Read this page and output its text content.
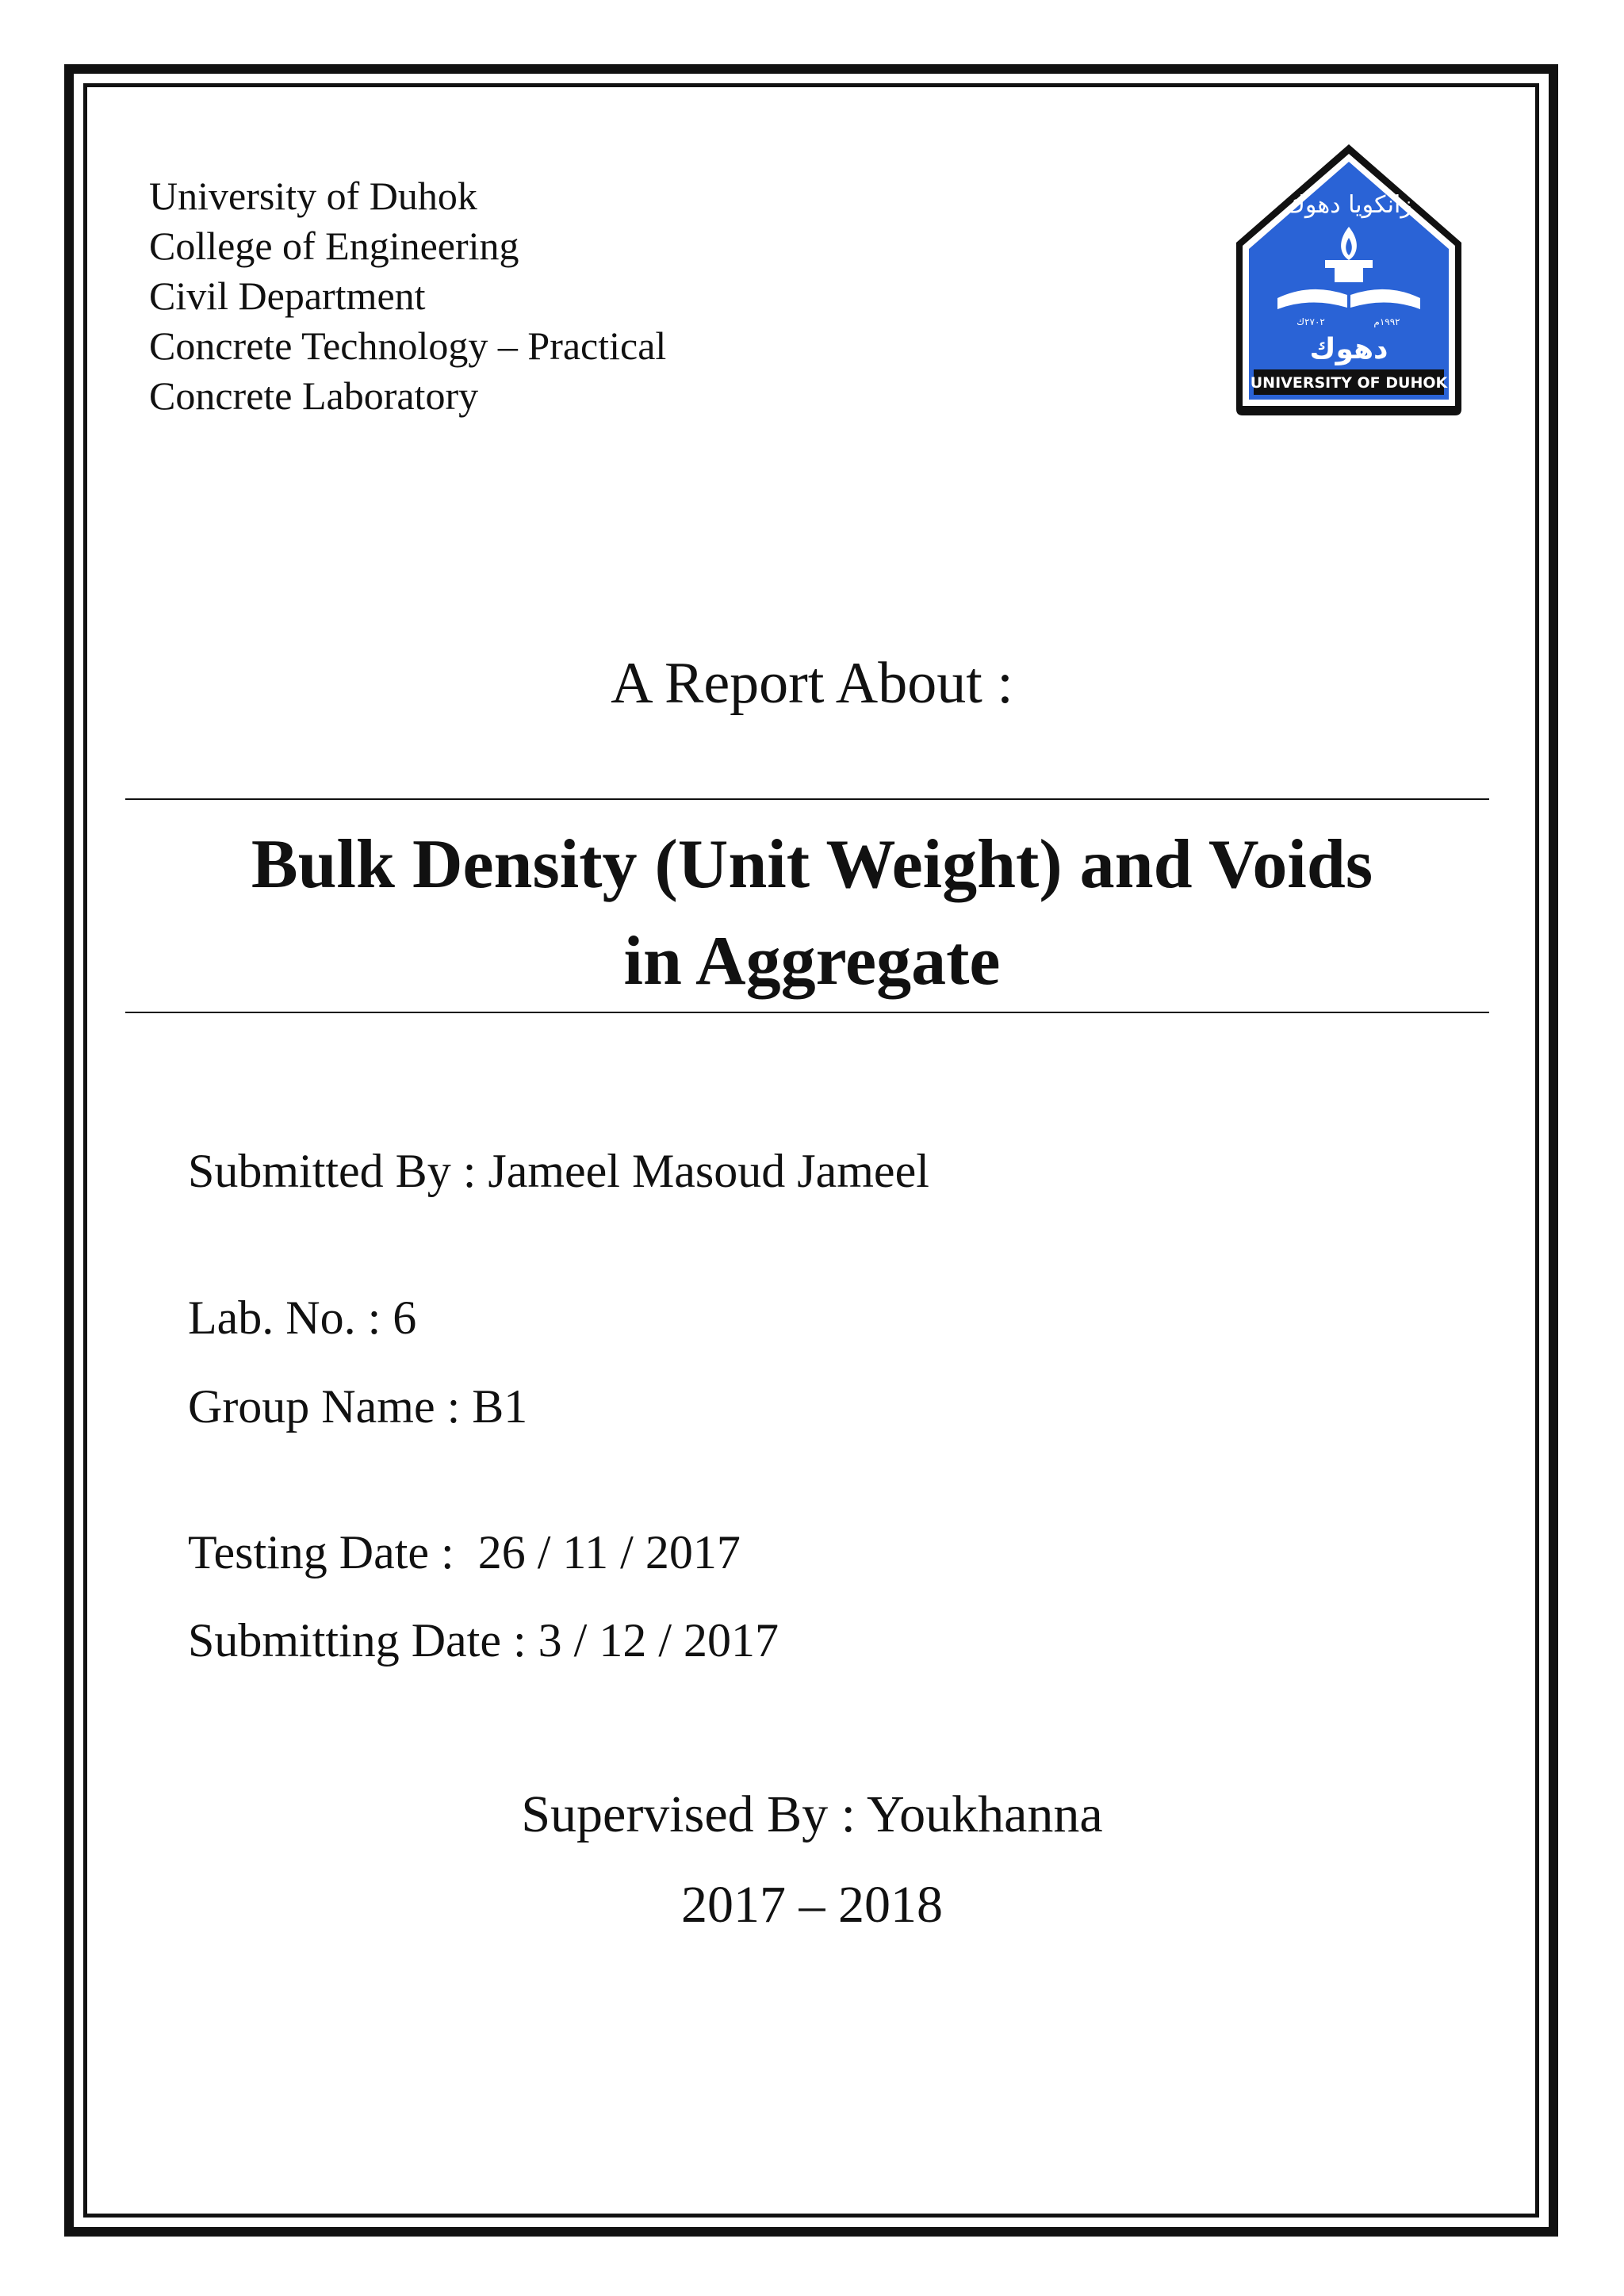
University of Duhok
College of Engineering
Civil Department
Concrete Technology – Practical
Concrete Laboratory
زانكويا دهوك
٢٧٠٢ك	١٩٩٢م
دهوك
UNIVERSITY OF DUHOK
A Report About :
Bulk Density (Unit Weight) and Voids
in Aggregate
Submitted By : Jameel Masoud Jameel
Lab. No. : 6
Group Name : B1
Testing Date :  26 / 11 / 2017
Submitting Date : 3 / 12 / 2017
Supervised By : Youkhanna
2017 – 2018
